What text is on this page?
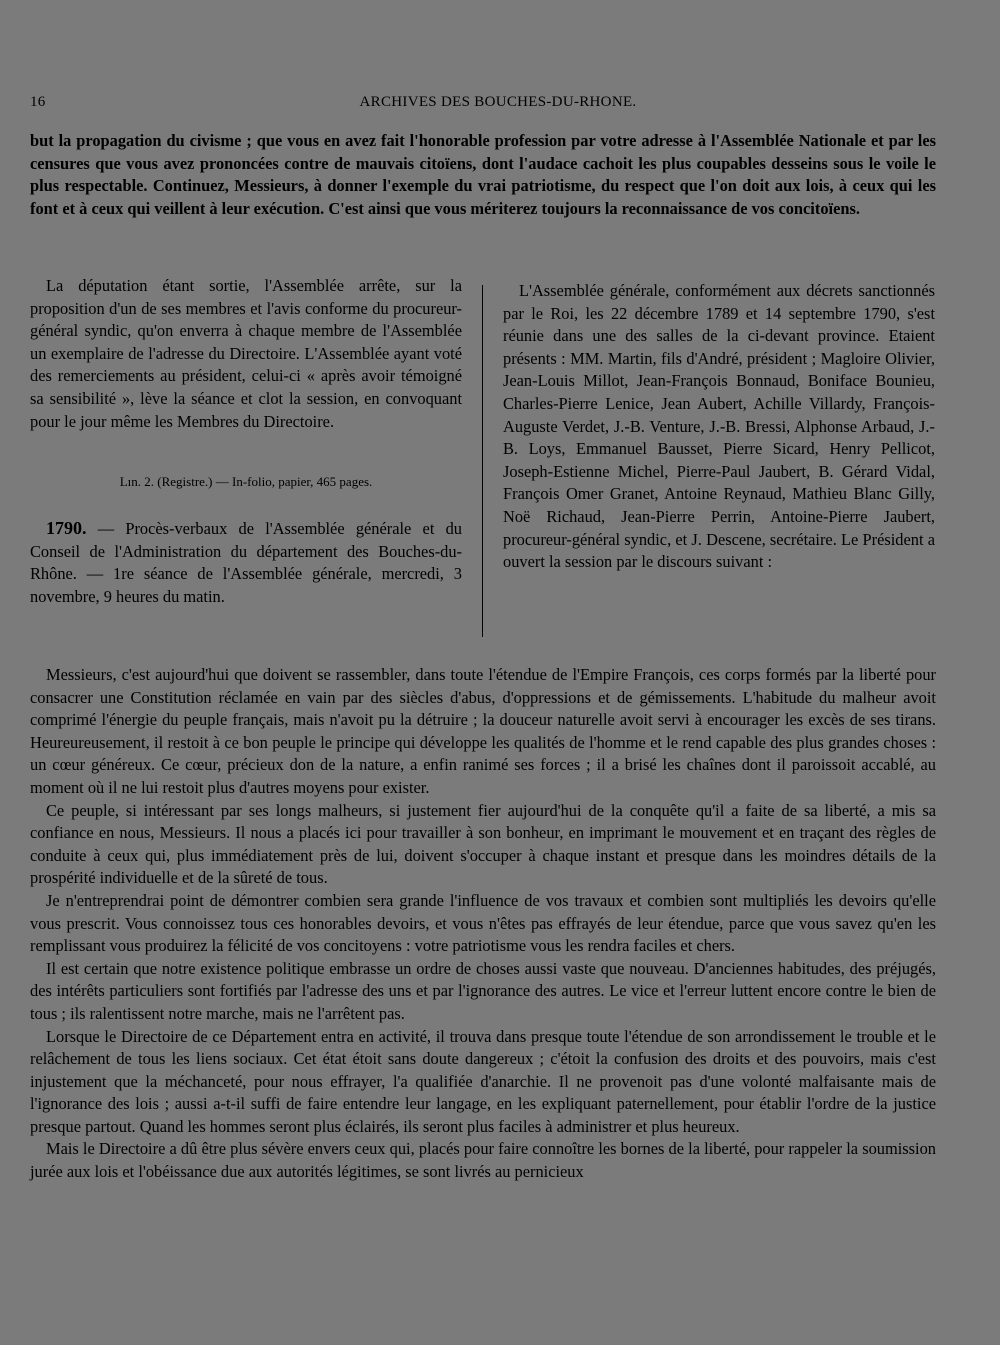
16	ARCHIVES DES BOUCHES-DU-RHONE.

but la propagation du civisme ; que vous en avez fait l'honorable profession par votre adresse à l'Assemblée Nationale et par les censures que vous avez prononcées contre de mauvais citoïens, dont l'audace cachoit les plus coupables desseins sous le voile le plus respectable. Continuez, Messieurs, à donner l'exemple du vrai patriotisme, du respect que l'on doit aux lois, à ceux qui les font et à ceux qui veillent à leur exécution. C'est ainsi que vous mériterez toujours la reconnaissance de vos concitoïens.

La députation étant sortie, l'Assemblée arrête, sur la proposition d'un de ses membres et l'avis conforme du procureur-général syndic, qu'on enverra à chaque membre de l'Assemblée un exemplaire de l'adresse du Directoire. L'Assemblée ayant voté des remerciements au président, celui-ci « après avoir témoigné sa sensibilité », lève la séance et clot la session, en convoquant pour le jour même les Membres du Directoire.

Lın. 2. (Registre.) — In-folio, papier, 465 pages.

1790. — Procès-verbaux de l'Assemblée générale et du Conseil de l'Administration du département des Bouches-du-Rhône. — 1re séance de l'Assemblée générale, mercredi, 3 novembre, 9 heures du matin.

L'Assemblée générale, conformément aux décrets sanctionnés par le Roi, les 22 décembre 1789 et 14 septembre 1790, s'est réunie dans une des salles de la ci-devant province. Etaient présents : MM. Martin, fils d'André, président ; Magloire Olivier, Jean-Louis Millot, Jean-François Bonnaud, Boniface Bounieu, Charles-Pierre Lenice, Jean Aubert, Achille Villardy, François-Auguste Verdet, J.-B. Venture, J.-B. Bressi, Alphonse Arbaud, J.-B. Loys, Emmanuel Bausset, Pierre Sicard, Henry Pellicot, Joseph-Estienne Michel, Pierre-Paul Jaubert, B. Gérard Vidal, François Omer Granet, Antoine Reynaud, Mathieu Blanc Gilly, Noë Richaud, Jean-Pierre Perrin, Antoine-Pierre Jaubert, procureur-général syndic, et J. Descene, secrétaire. Le Président a ouvert la session par le discours suivant :

Messieurs, c'est aujourd'hui que doivent se rassembler, dans toute l'étendue de l'Empire François, ces corps formés par la liberté pour consacrer une Constitution réclamée en vain par des siècles d'abus, d'oppressions et de gémissements. L'habitude du malheur avoit comprimé l'énergie du peuple français, mais n'avoit pu la détruire ; la douceur naturelle avoit servi à encourager les excès de ses tirans. Heureureusement, il restoit à ce bon peuple le principe qui développe les qualités de l'homme et le rend capable des plus grandes choses : un cœur généreux. Ce cœur, précieux don de la nature, a enfin ranimé ses forces ; il a brisé les chaînes dont il paroissoit accablé, au moment où il ne lui restoit plus d'autres moyens pour exister.

Ce peuple, si intéressant par ses longs malheurs, si justement fier aujourd'hui de la conquête qu'il a faite de sa liberté, a mis sa confiance en nous, Messieurs. Il nous a placés ici pour travailler à son bonheur, en imprimant le mouvement et en traçant des règles de conduite à ceux qui, plus immédiatement près de lui, doivent s'occuper à chaque instant et presque dans les moindres détails de la prospérité individuelle et de la sûreté de tous.

Je n'entreprendrai point de démontrer combien sera grande l'influence de vos travaux et combien sont multipliés les devoirs qu'elle vous prescrit. Vous connoissez tous ces honorables devoirs, et vous n'êtes pas effrayés de leur étendue, parce que vous savez qu'en les remplissant vous produirez la félicité de vos concitoyens : votre patriotisme vous les rendra faciles et chers.

Il est certain que notre existence politique embrasse un ordre de choses aussi vaste que nouveau. D'anciennes habitudes, des préjugés, des intérêts particuliers sont fortifiés par l'adresse des uns et par l'ignorance des autres. Le vice et l'erreur luttent encore contre le bien de tous ; ils ralentissent notre marche, mais ne l'arrêtent pas.

Lorsque le Directoire de ce Département entra en activité, il trouva dans presque toute l'étendue de son arrondissement le trouble et le relâchement de tous les liens sociaux. Cet état étoit sans doute dangereux ; c'étoit la confusion des droits et des pouvoirs, mais c'est injustement que la méchanceté, pour nous effrayer, l'a qualifiée d'anarchie. Il ne provenoit pas d'une volonté malfaisante mais de l'ignorance des lois ; aussi a-t-il suffi de faire entendre leur langage, en les expliquant paternellement, pour établir l'ordre de la justice presque partout. Quand les hommes seront plus éclairés, ils seront plus faciles à administrer et plus heureux.

Mais le Directoire a dû être plus sévère envers ceux qui, placés pour faire connoître les bornes de la liberté, pour rappeler la soumission jurée aux lois et l'obéissance due aux autorités légitimes, se sont livrés au pernicieux
